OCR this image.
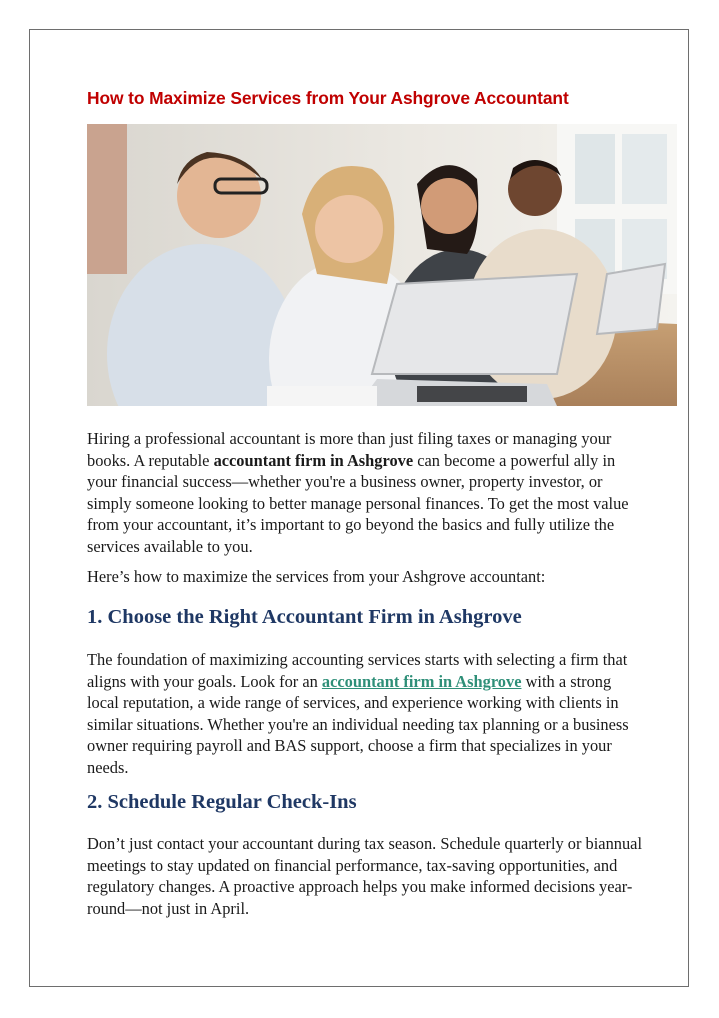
How to Maximize Services from Your Ashgrove Accountant

Hiring a professional accountant is more than just filing taxes or managing your books. A reputable accountant firm in Ashgrove can become a powerful ally in your financial success—whether you're a business owner, property investor, or simply someone looking to better manage personal finances. To get the most value from your accountant, it’s important to go beyond the basics and fully utilize the services available to you.

Here’s how to maximize the services from your Ashgrove accountant:

1. Choose the Right Accountant Firm in Ashgrove

The foundation of maximizing accounting services starts with selecting a firm that aligns with your goals. Look for an accountant firm in Ashgrove with a strong local reputation, a wide range of services, and experience working with clients in similar situations. Whether you're an individual needing tax planning or a business owner requiring payroll and BAS support, choose a firm that specializes in your needs.

2. Schedule Regular Check-Ins

Don’t just contact your accountant during tax season. Schedule quarterly or biannual meetings to stay updated on financial performance, tax-saving opportunities, and regulatory changes. A proactive approach helps you make informed decisions year-round—not just in April.
